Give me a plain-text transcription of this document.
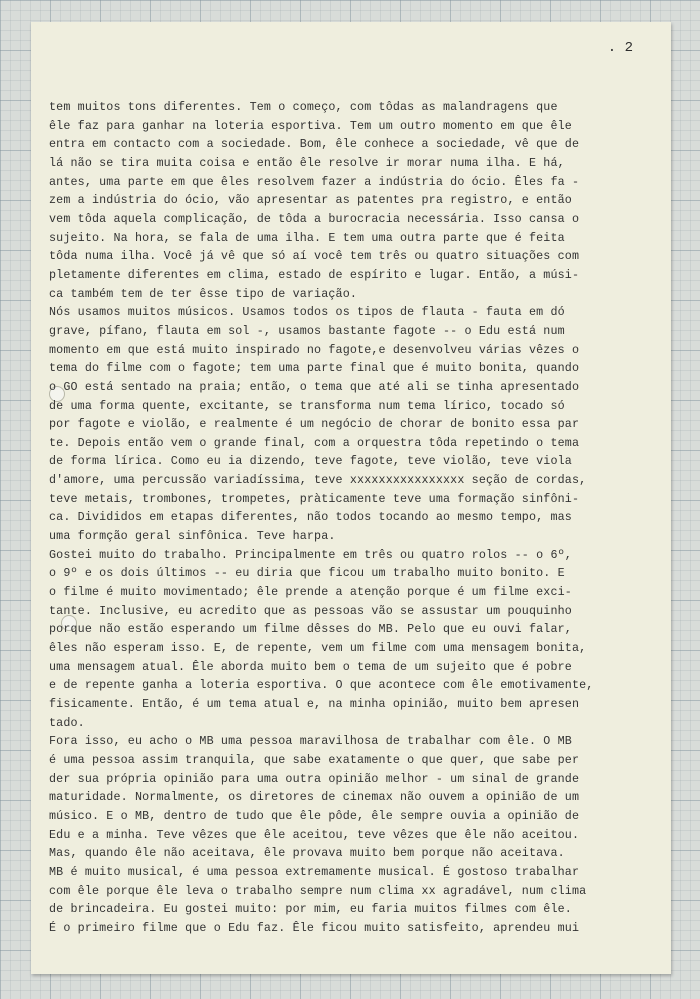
. 2
tem muitos tons diferentes. Tem o começo, com tôdas as malandragens que
êle faz para ganhar na loteria esportiva. Tem um outro momento em que êle
entra em contacto com a sociedade. Bom, êle conhece a sociedade, vê que de
lá não se tira muita coisa e então êle resolve ir morar numa ilha. E há,
antes, uma parte em que êles resolvem fazer a indústria do ócio. Êles fa -
zem a indústria do ócio, vão apresentar as patentes pra registro, e então
vem tôda aquela complicação, de tôda a burocracia necessária. Isso cansa o
sujeito. Na hora, se fala de uma ilha. E tem uma outra parte que é feita
tôda numa ilha. Você já vê que só aí você tem três ou quatro situações com
pletamente diferentes em clima, estado de espírito e lugar. Então, a músi-
ca também tem de ter êsse tipo de variação.
Nós usamos muitos músicos. Usamos todos os tipos de flauta - fauta em dó
grave, pífano, flauta em sol -, usamos bastante fagote -- o Edu está num
momento em que está muito inspirado no fagote,e desenvolveu várias vêzes o
tema do filme com o fagote; tem uma parte final que é muito bonita, quando
o GO está sentado na praia; então, o tema que até ali se tinha apresentado
de uma forma quente, excitante, se transforma num tema lírico, tocado só
por fagote e violão, e realmente é um negócio de chorar de bonito essa par
te. Depois então vem o grande final, com a orquestra tôda repetindo o tema
de forma lírica. Como eu ia dizendo, teve fagote, teve violão, teve viola
d'amore, uma percussão variadíssima, teve xxxxxxxxxxxxxxxx seção de cordas,
teve metais, trombones, trompetes, pràticamente teve uma formação sinfôni-
ca. Divididos em etapas diferentes, não todos tocando ao mesmo tempo, mas
uma formção geral sinfônica. Teve harpa.
Gostei muito do trabalho. Principalmente em três ou quatro rolos -- o 6º,
o 9º e os dois últimos -- eu diria que ficou um trabalho muito bonito. E
o filme é muito movimentado; êle prende a atenção porque é um filme exci-
tante. Inclusive, eu acredito que as pessoas vão se assustar um pouquinho
porque não estão esperando um filme dêsses do MB. Pelo que eu ouvi falar,
êles não esperam isso. E, de repente, vem um filme com uma mensagem bonita,
uma mensagem atual. Êle aborda muito bem o tema de um sujeito que é pobre
e de repente ganha a loteria esportiva. O que acontece com êle emotivamente,
fisicamente. Então, é um tema atual e, na minha opinião, muito bem apresen
tado.
Fora isso, eu acho o MB uma pessoa maravilhosa de trabalhar com êle. O MB
é uma pessoa assim tranquila, que sabe exatamente o que quer, que sabe per
der sua própria opinião para uma outra opinião melhor - um sinal de grande
maturidade. Normalmente, os diretores de cinemax não ouvem a opinião de um
músico. E o MB, dentro de tudo que êle pôde, êle sempre ouvia a opinião de
Edu e a minha. Teve vêzes que êle aceitou, teve vêzes que êle não aceitou.
Mas, quando êle não aceitava, êle provava muito bem porque não aceitava.
MB é muito musical, é uma pessoa extremamente musical. É gostoso trabalhar
com êle porque êle leva o trabalho sempre num clima xx agradável, num clima
de brincadeira. Eu gostei muito: por mim, eu faria muitos filmes com êle.
É o primeiro filme que o Edu faz. Êle ficou muito satisfeito, aprendeu mui
